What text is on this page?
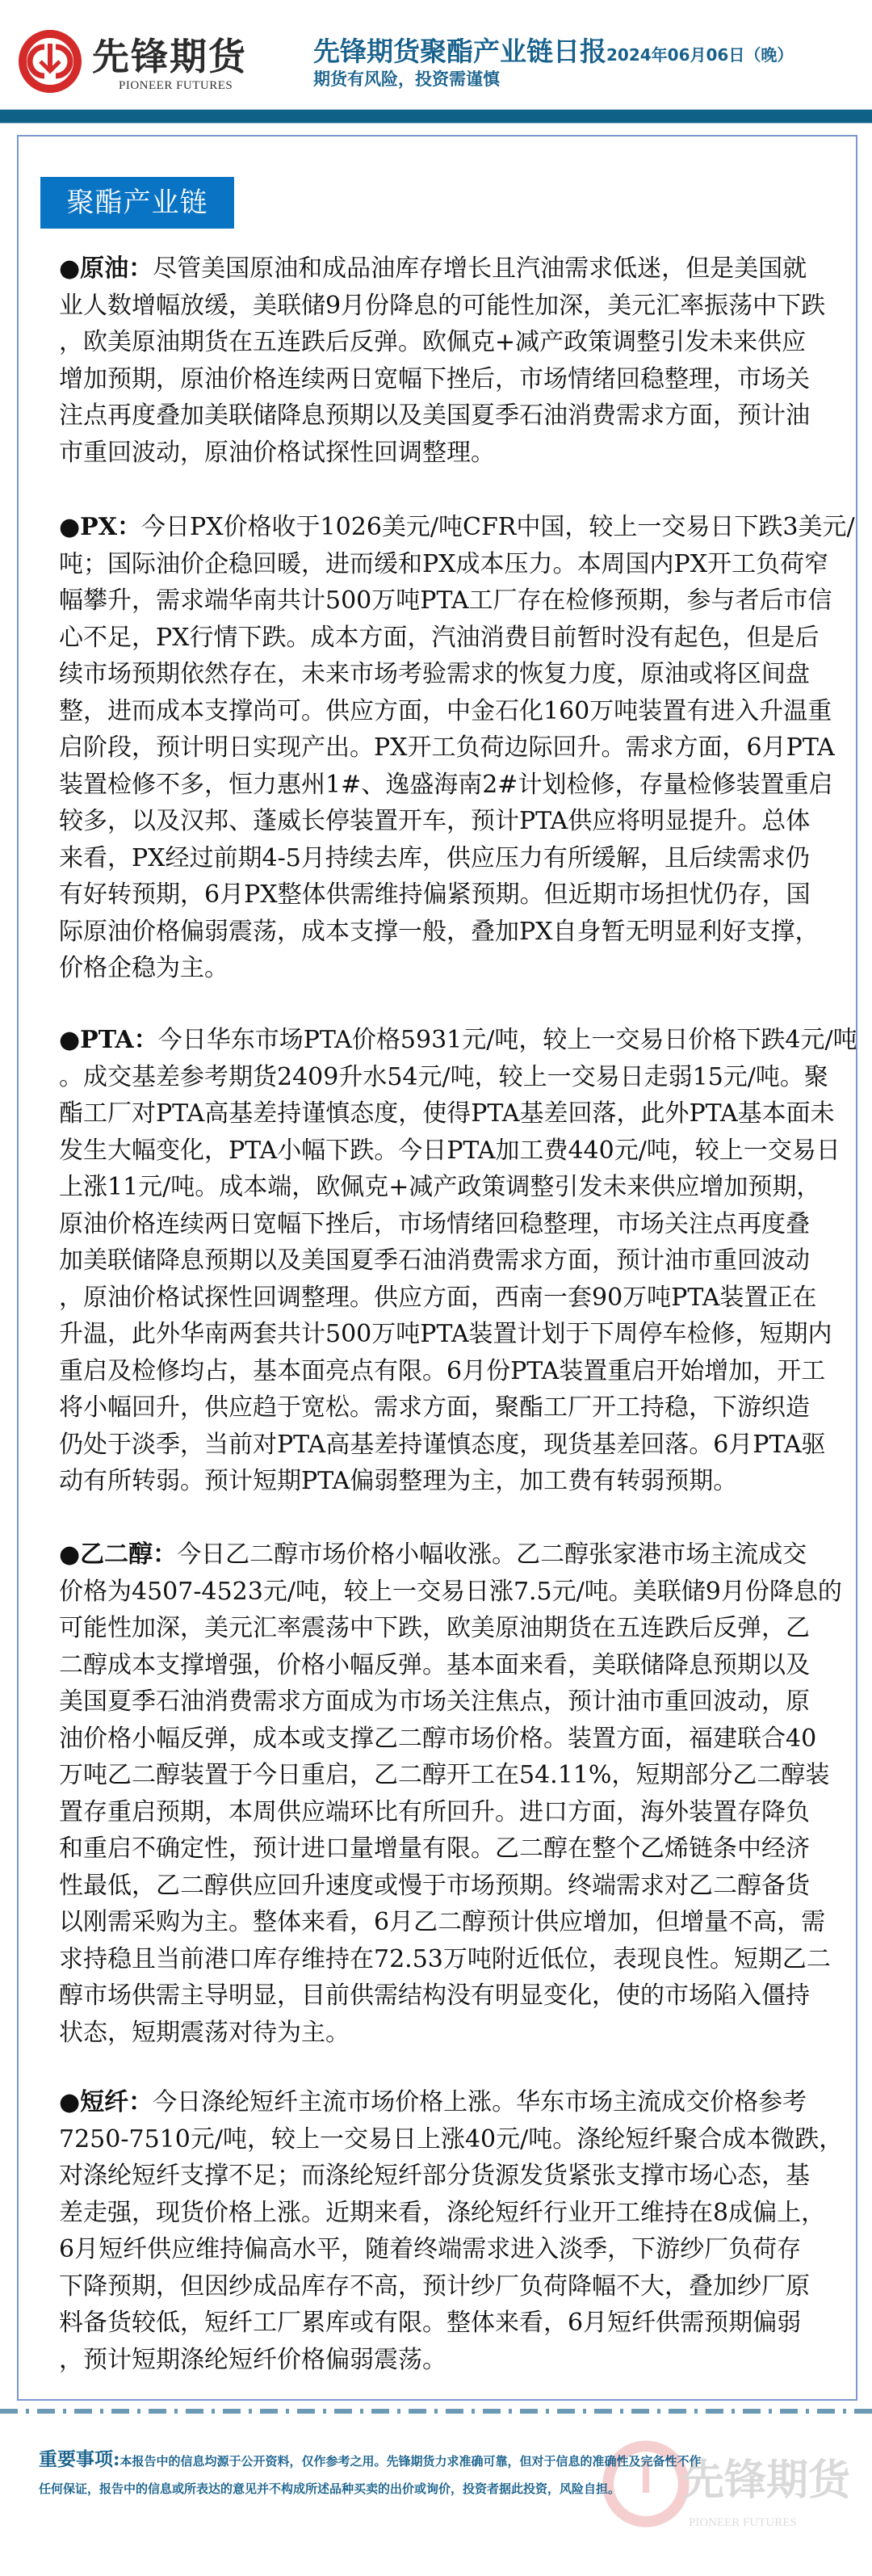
先锋期货
PIONEER FUTURES
先锋期货聚酯产业链日报2024年06月06日（晚）
期货有风险，投资需谨慎
聚酯产业链
●原油：尽管美国原油和成品油库存增长且汽油需求低迷，但是美国就
业人数增幅放缓，美联储9月份降息的可能性加深，美元汇率振荡中下跌
，欧美原油期货在五连跌后反弹。欧佩克+减产政策调整引发未来供应
增加预期，原油价格连续两日宽幅下挫后，市场情绪回稳整理，市场关
注点再度叠加美联储降息预期以及美国夏季石油消费需求方面，预计油
市重回波动，原油价格试探性回调整理。
●PX：今日PX价格收于1026美元/吨CFR中国，较上一交易日下跌3美元/
吨；国际油价企稳回暖，进而缓和PX成本压力。本周国内PX开工负荷窄
幅攀升，需求端华南共计500万吨PTA工厂存在检修预期，参与者后市信
心不足，PX行情下跌。成本方面，汽油消费目前暂时没有起色，但是后
续市场预期依然存在，未来市场考验需求的恢复力度，原油或将区间盘
整，进而成本支撑尚可。供应方面，中金石化160万吨装置有进入升温重
启阶段，预计明日实现产出。PX开工负荷边际回升。需求方面，6月PTA
装置检修不多，恒力惠州1#、逸盛海南2#计划检修，存量检修装置重启
较多，以及汉邦、蓬威长停装置开车，预计PTA供应将明显提升。总体
来看，PX经过前期4-5月持续去库，供应压力有所缓解，且后续需求仍
有好转预期，6月PX整体供需维持偏紧预期。但近期市场担忧仍存，国
际原油价格偏弱震荡，成本支撑一般，叠加PX自身暂无明显利好支撑，
价格企稳为主。
●PTA：今日华东市场PTA价格5931元/吨，较上一交易日价格下跌4元/吨
。成交基差参考期货2409升水54元/吨，较上一交易日走弱15元/吨。聚
酯工厂对PTA高基差持谨慎态度，使得PTA基差回落，此外PTA基本面未
发生大幅变化，PTA小幅下跌。今日PTA加工费440元/吨，较上一交易日
上涨11元/吨。成本端，欧佩克+减产政策调整引发未来供应增加预期，
原油价格连续两日宽幅下挫后，市场情绪回稳整理，市场关注点再度叠
加美联储降息预期以及美国夏季石油消费需求方面，预计油市重回波动
，原油价格试探性回调整理。供应方面，西南一套90万吨PTA装置正在
升温，此外华南两套共计500万吨PTA装置计划于下周停车检修，短期内
重启及检修均占，基本面亮点有限。6月份PTA装置重启开始增加，开工
将小幅回升，供应趋于宽松。需求方面，聚酯工厂开工持稳，下游织造
仍处于淡季，当前对PTA高基差持谨慎态度，现货基差回落。6月PTA驱
动有所转弱。预计短期PTA偏弱整理为主，加工费有转弱预期。
●乙二醇：今日乙二醇市场价格小幅收涨。乙二醇张家港市场主流成交
价格为4507-4523元/吨，较上一交易日涨7.5元/吨。美联储9月份降息的
可能性加深，美元汇率震荡中下跌，欧美原油期货在五连跌后反弹，乙
二醇成本支撑增强，价格小幅反弹。基本面来看，美联储降息预期以及
美国夏季石油消费需求方面成为市场关注焦点，预计油市重回波动，原
油价格小幅反弹，成本或支撑乙二醇市场价格。装置方面，福建联合40
万吨乙二醇装置于今日重启，乙二醇开工在54.11%，短期部分乙二醇装
置存重启预期，本周供应端环比有所回升。进口方面，海外装置存降负
和重启不确定性，预计进口量增量有限。乙二醇在整个乙烯链条中经济
性最低，乙二醇供应回升速度或慢于市场预期。终端需求对乙二醇备货
以刚需采购为主。整体来看，6月乙二醇预计供应增加，但增量不高，需
求持稳且当前港口库存维持在72.53万吨附近低位，表现良性。短期乙二
醇市场供需主导明显，目前供需结构没有明显变化，使的市场陷入僵持
状态，短期震荡对待为主。
●短纤：今日涤纶短纤主流市场价格上涨。华东市场主流成交价格参考
7250-7510元/吨，较上一交易日上涨40元/吨。涤纶短纤聚合成本微跌，
对涤纶短纤支撑不足；而涤纶短纤部分货源发货紧张支撑市场心态，基
差走强，现货价格上涨。近期来看，涤纶短纤行业开工维持在8成偏上，
6月短纤供应维持偏高水平，随着终端需求进入淡季，下游纱厂负荷存
下降预期，但因纱成品库存不高，预计纱厂负荷降幅不大，叠加纱厂原
料备货较低，短纤工厂累库或有限。整体来看，6月短纤供需预期偏弱
，预计短期涤纶短纤价格偏弱震荡。
先锋期货
PIONEER FUTURES
重要事项:本报告中的信息均源于公开资料，仅作参考之用。先锋期货力求准确可靠，但对于信息的准确性及完备性不作
任何保证，报告中的信息或所表达的意见并不构成所述品种买卖的出价或询价，投资者据此投资，风险自担。
